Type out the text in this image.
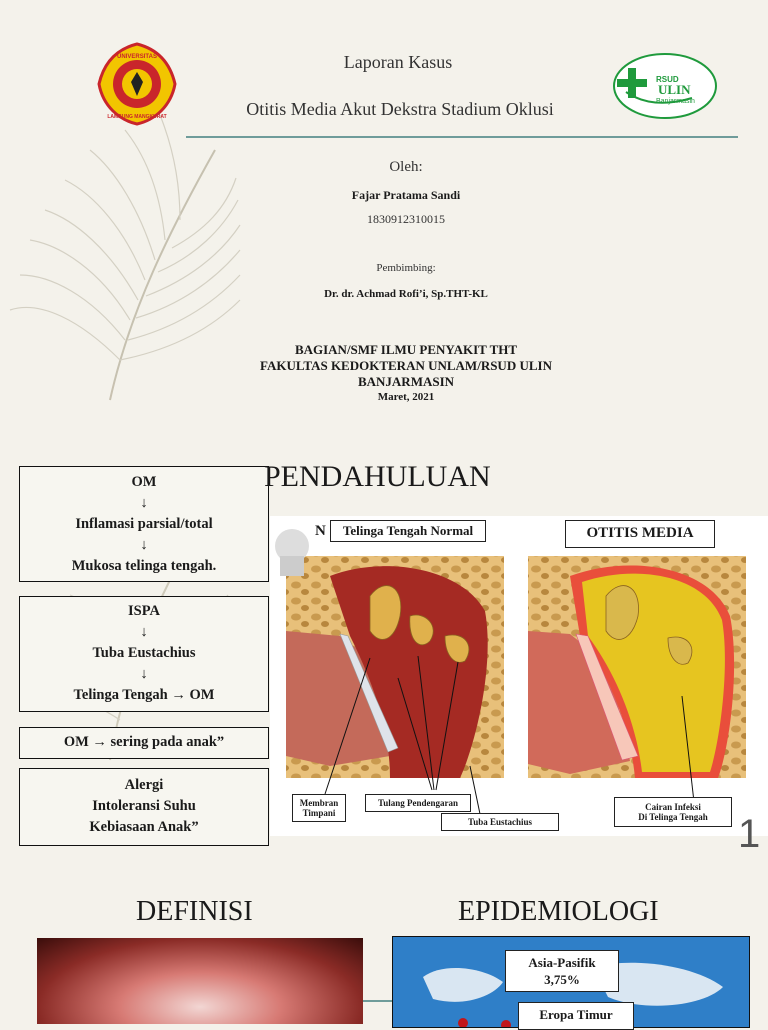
UNIVERSITAS
LAMBUNG MANGKURAT
Laporan Kasus
Otitis Media Akut Dekstra Stadium Oklusi
RSUD
ULIN
Banjarmasin
Oleh:
Fajar Pratama Sandi
1830912310015
Pembimbing:
Dr. dr. Achmad Rofi’i, Sp.THT-KL
BAGIAN/SMF ILMU PENYAKIT THT
FAKULTAS KEDOKTERAN UNLAM/RSUD ULIN
BANJARMASIN
Maret, 2021
OM
↓
Inflamasi parsial/total
↓
Mukosa telinga tengah.
ISPA
↓
Tuba Eustachius
↓
Telinga Tengah → OM
OM → sering pada anak”
Alergi
Intoleransi Suhu
Kebiasaan Anak”
PENDAHULUAN
N	Telinga Tengah Normal	OTITIS MEDIA
Membran Timpani
Tulang Pendengaran
Tuba Eustachius
Cairan Infeksi
Di Telinga Tengah 1
DEFINISI	EPIDEMIOLOGI
Asia-Pasifik
3,75%
Eropa Timur
